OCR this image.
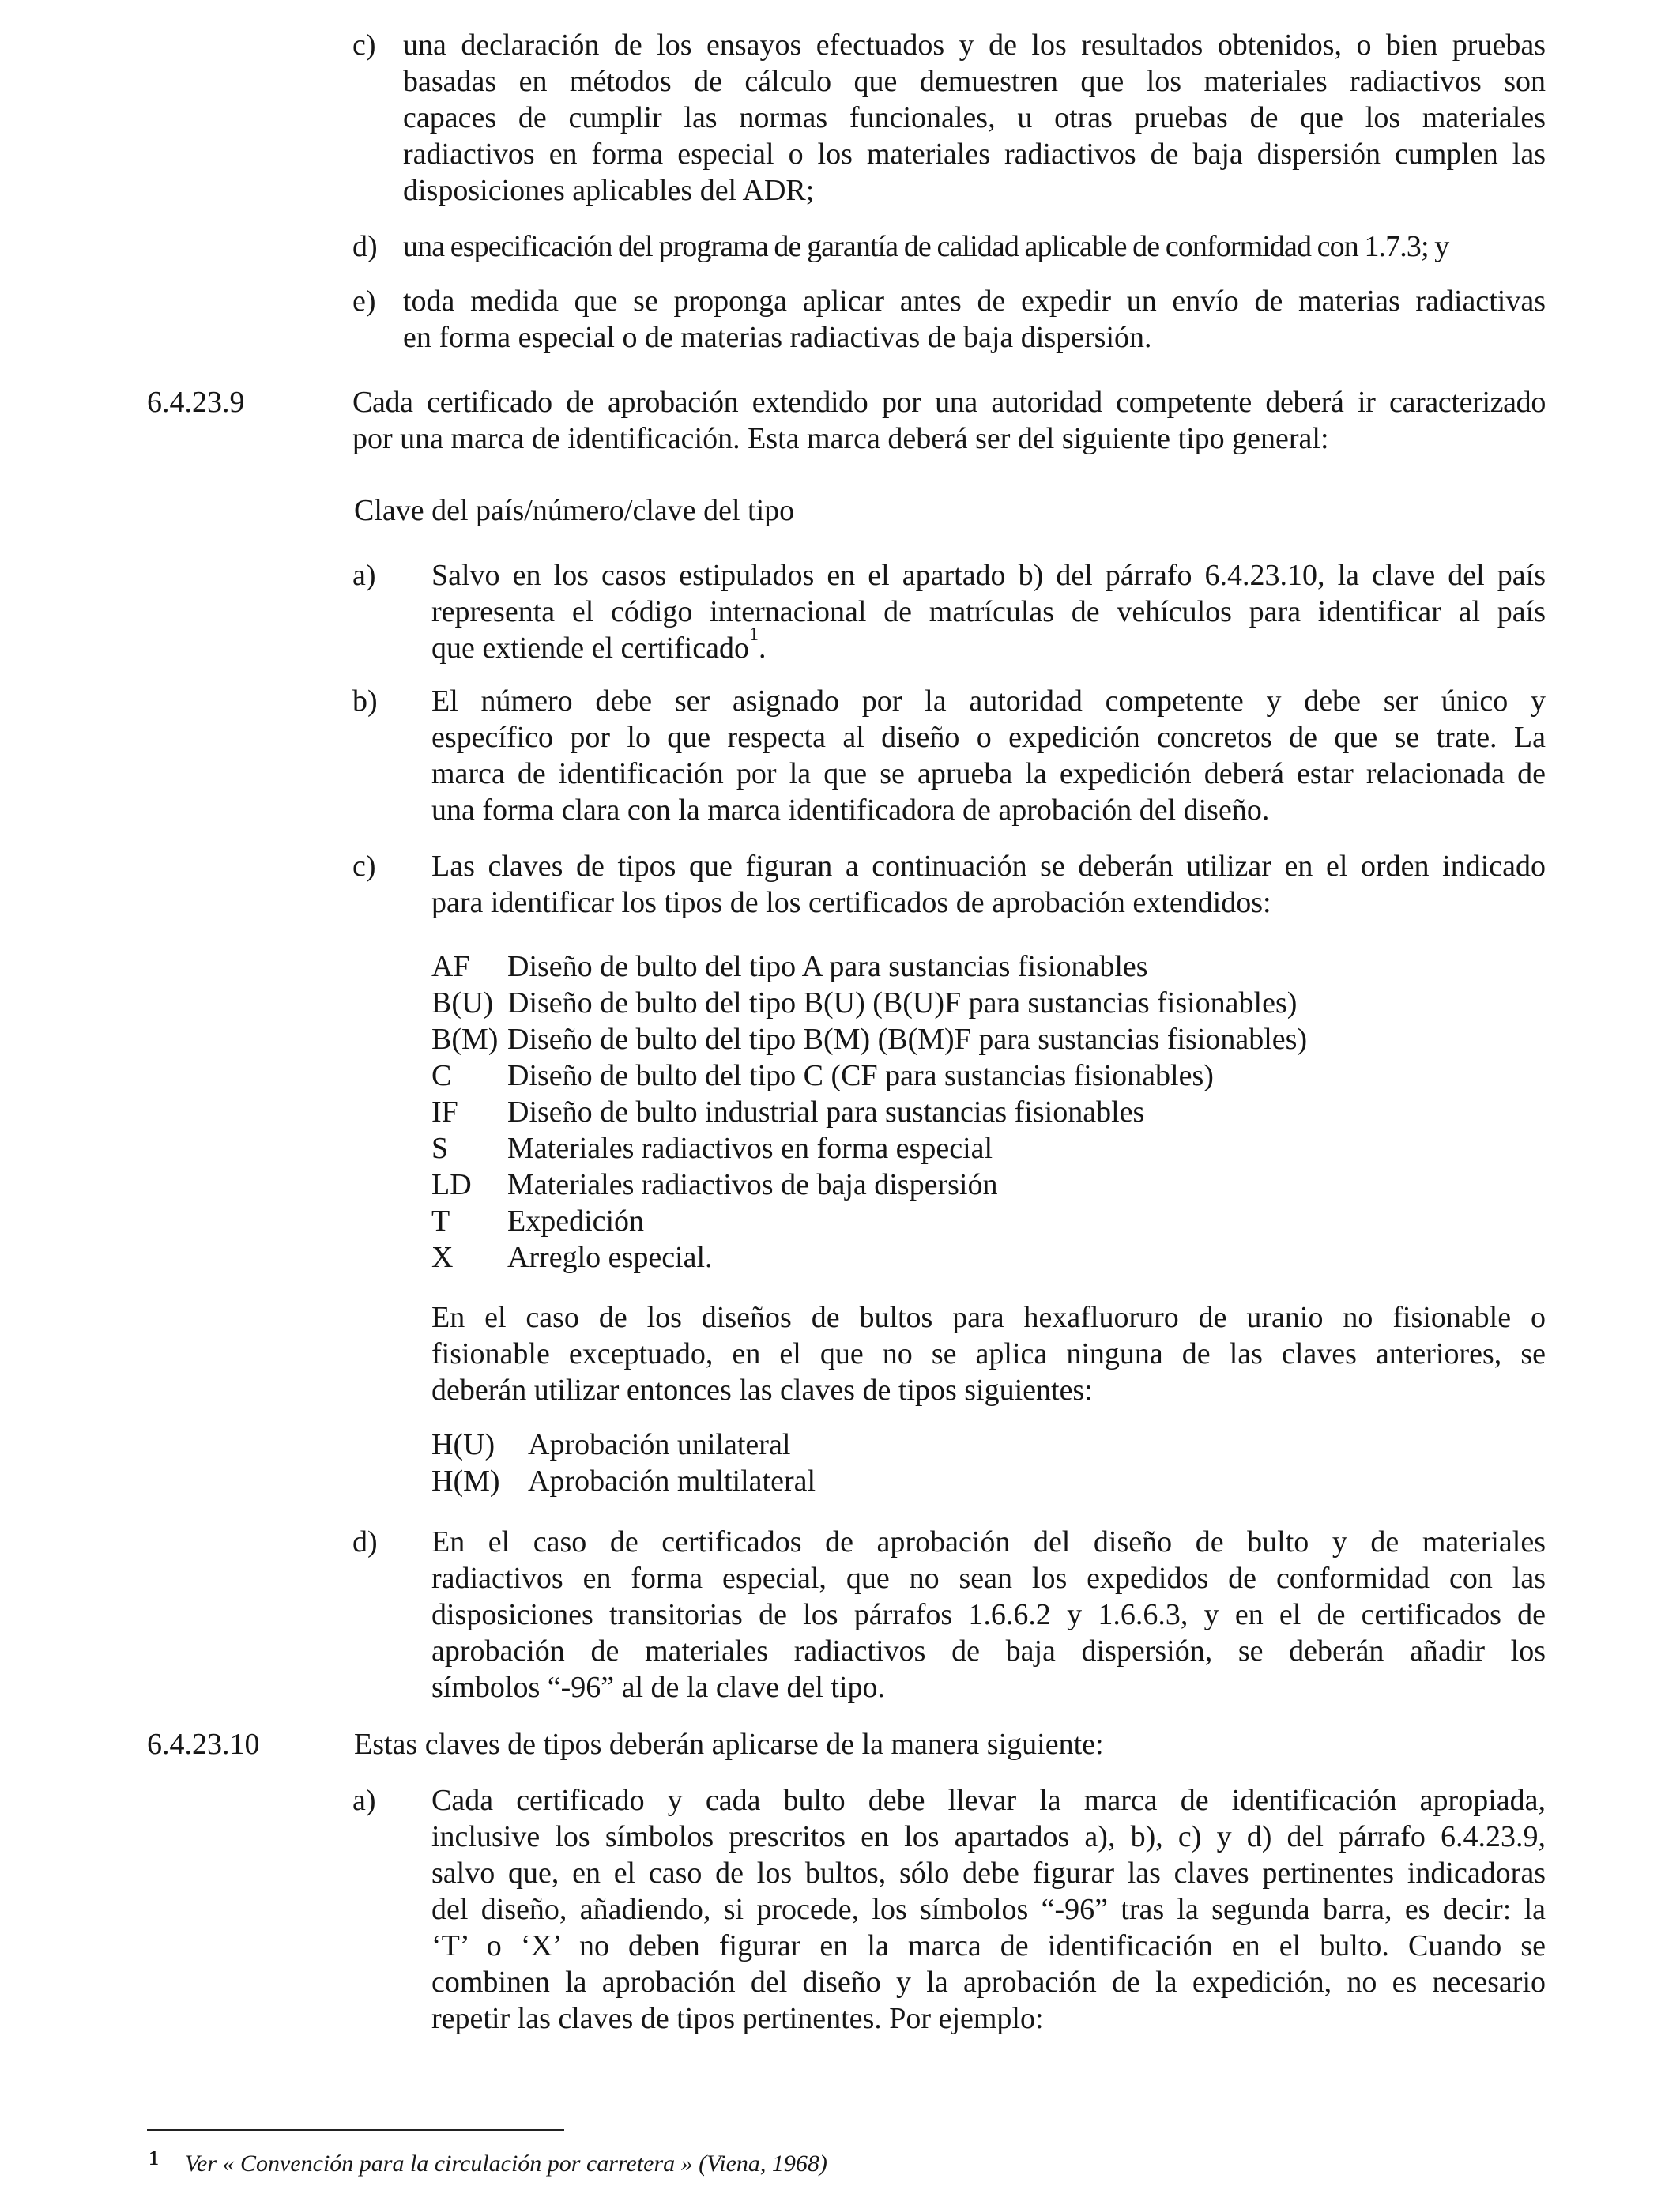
c) una declaración de los ensayos efectuados y de los resultados obtenidos, o bien pruebas
basadas en métodos de cálculo que demuestren que los materiales radiactivos son
capaces de cumplir las normas funcionales, u otras pruebas de que los materiales
radiactivos en forma especial o los materiales radiactivos de baja dispersión cumplen las
disposiciones aplicables del ADR;
d) una especificación del programa de garantía de calidad aplicable de conformidad con 1.7.3; y
e) toda medida que se proponga aplicar antes de expedir un envío de materias radiactivas
en forma especial o de materias radiactivas de baja dispersión.
6.4.23.9	Cada certificado de aprobación extendido por una autoridad competente deberá ir caracterizado
por una marca de identificación. Esta marca deberá ser del siguiente tipo general:
Clave del país/número/clave del tipo
a) Salvo en los casos estipulados en el apartado b) del párrafo 6.4.23.10, la clave del país
representa el código internacional de matrículas de vehículos para identificar al país
que extiende el certificado$^1$.
b) El número debe ser asignado por la autoridad competente y debe ser único y
específico por lo que respecta al diseño o expedición concretos de que se trate. La
marca de identificación por la que se aprueba la expedición deberá estar relacionada de
una forma clara con la marca identificadora de aprobación del diseño.
c) Las claves de tipos que figuran a continuación se deberán utilizar en el orden indicado
para identificar los tipos de los certificados de aprobación extendidos:
AF Diseño de bulto del tipo A para sustancias fisionables
B(U) Diseño de bulto del tipo B(U) (B(U)F para sustancias fisionables)
B(M) Diseño de bulto del tipo B(M) (B(M)F para sustancias fisionables)
C Diseño de bulto del tipo C (CF para sustancias fisionables)
IF Diseño de bulto industrial para sustancias fisionables
S Materiales radiactivos en forma especial
LD Materiales radiactivos de baja dispersión
T Expedición
X Arreglo especial.
En el caso de los diseños de bultos para hexafluoruro de uranio no fisionable o
fisionable exceptuado, en el que no se aplica ninguna de las claves anteriores, se
deberán utilizar entonces las claves de tipos siguientes:
H(U) Aprobación unilateral
H(M) Aprobación multilateral
d) En el caso de certificados de aprobación del diseño de bulto y de materiales
radiactivos en forma especial, que no sean los expedidos de conformidad con las
disposiciones transitorias de los párrafos 1.6.6.2 y 1.6.6.3, y en el de certificados de
aprobación de materiales radiactivos de baja dispersión, se deberán añadir los
símbolos “-96” al de la clave del tipo.
6.4.23.10	Estas claves de tipos deberán aplicarse de la manera siguiente:
a) Cada certificado y cada bulto debe llevar la marca de identificación apropiada,
inclusive los símbolos prescritos en los apartados a), b), c) y d) del párrafo 6.4.23.9,
salvo que, en el caso de los bultos, sólo debe figurar las claves pertinentes indicadoras
del diseño, añadiendo, si procede, los símbolos “-96” tras la segunda barra, es decir: la
‘T’ o ‘X’ no deben figurar en la marca de identificación en el bulto. Cuando se
combinen la aprobación del diseño y la aprobación de la expedición, no es necesario
repetir las claves de tipos pertinentes. Por ejemplo:
1 Ver « Convención para la circulación por carretera » (Viena, 1968)
